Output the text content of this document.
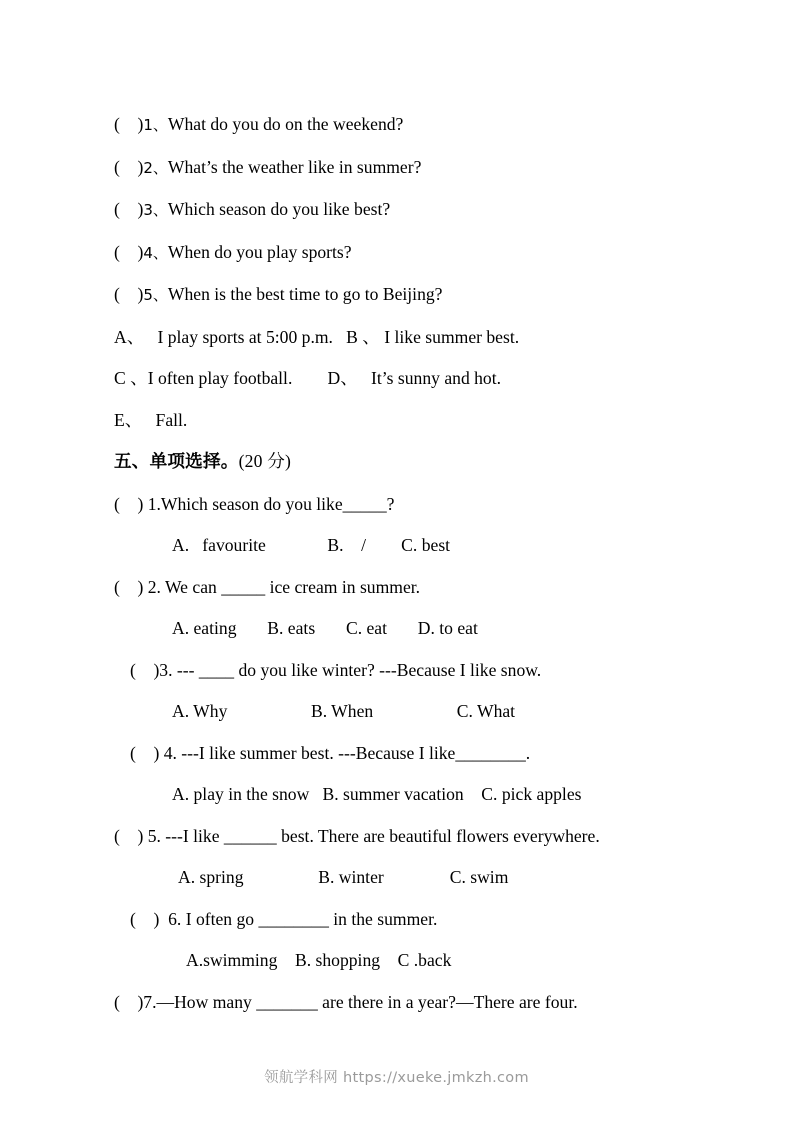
(    )1、What do you do on the weekend?
(    )2、What’s the weather like in summer?
(    )3、Which season do you like best?
(    )4、When do you play sports?
(    )5、When is the best time to go to Beijing?
A、   I play sports at 5:00 p.m. B 、 I like summer best.
C 、I often play football. D、   It’s sunny and hot.
E、   Fall.
五、单项选择。(20 分)
(    ) 1.Which season do you like_____?
A.   favourite              B.    /        C. best
(    ) 2. We can _____ ice cream in summer.
A. eating       B. eats       C. eat       D. to eat
(    )3. --- ____ do you like winter? ---Because I like snow.
A. Why                   B. When                   C. What
(    ) 4. ---I like summer best. ---Because I like________.
A. play in the snow   B. summer vacation    C. pick apples
(    ) 5. ---I like ______ best. There are beautiful flowers everywhere.
A. spring                 B. winter               C. swim
(    )  6. I often go ________ in the summer.
A.swimming    B. shopping    C .back
(    )7.—How many _______ are there in a year?—There are four.
领航学科网 https://xueke.jmkzh.com
